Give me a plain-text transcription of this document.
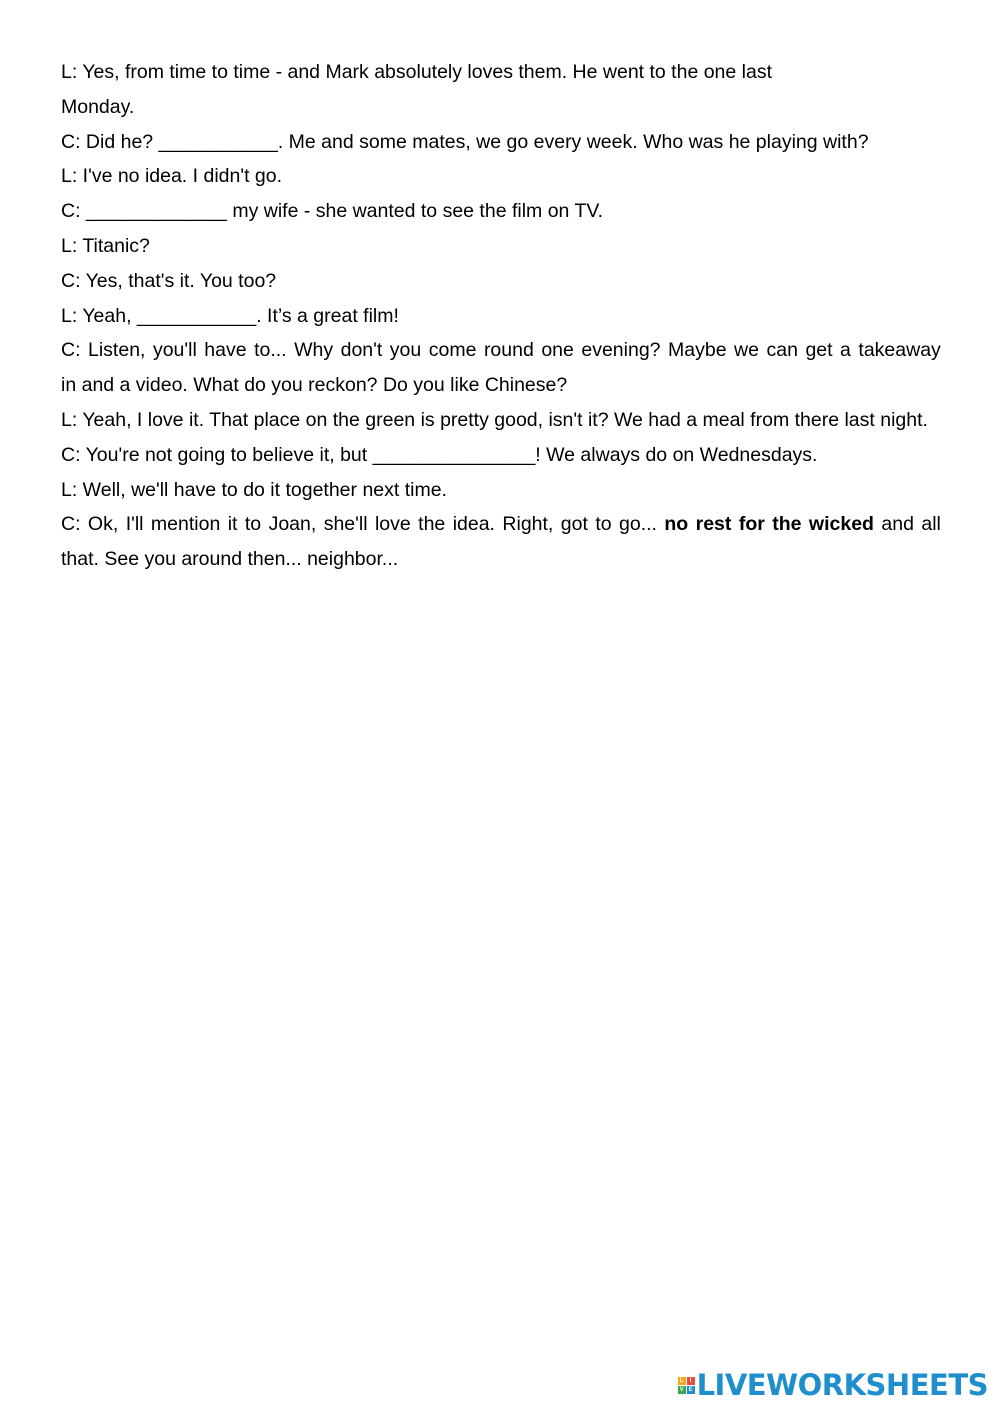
L: Yes, from time to time - and Mark absolutely loves them. He went to the one last
Monday.
C: Did he? ___________. Me and some mates, we go every week. Who was he playing with?
L: I've no idea. I didn't go.
C: _____________ my wife - she wanted to see the film on TV.
L: Titanic?
C: Yes, that's it. You too?
L: Yeah, ___________. It’s a great film!
C: Listen, you'll have to... Why don't you come round one evening? Maybe we can get a takeaway
in and a video. What do you reckon? Do you like Chinese?
L: Yeah, I love it. That place on the green is pretty good, isn't it? We had a meal from there last night.
C: You're not going to believe it, but _______________! We always do on Wednesdays.
L: Well, we'll have to do it together next time.
C: Ok, I'll mention it to Joan, she'll love the idea. Right, got to go... no rest for the wicked and all
that. See you around then... neighbor...
L	I
V E LIVEWORKSHEETS
